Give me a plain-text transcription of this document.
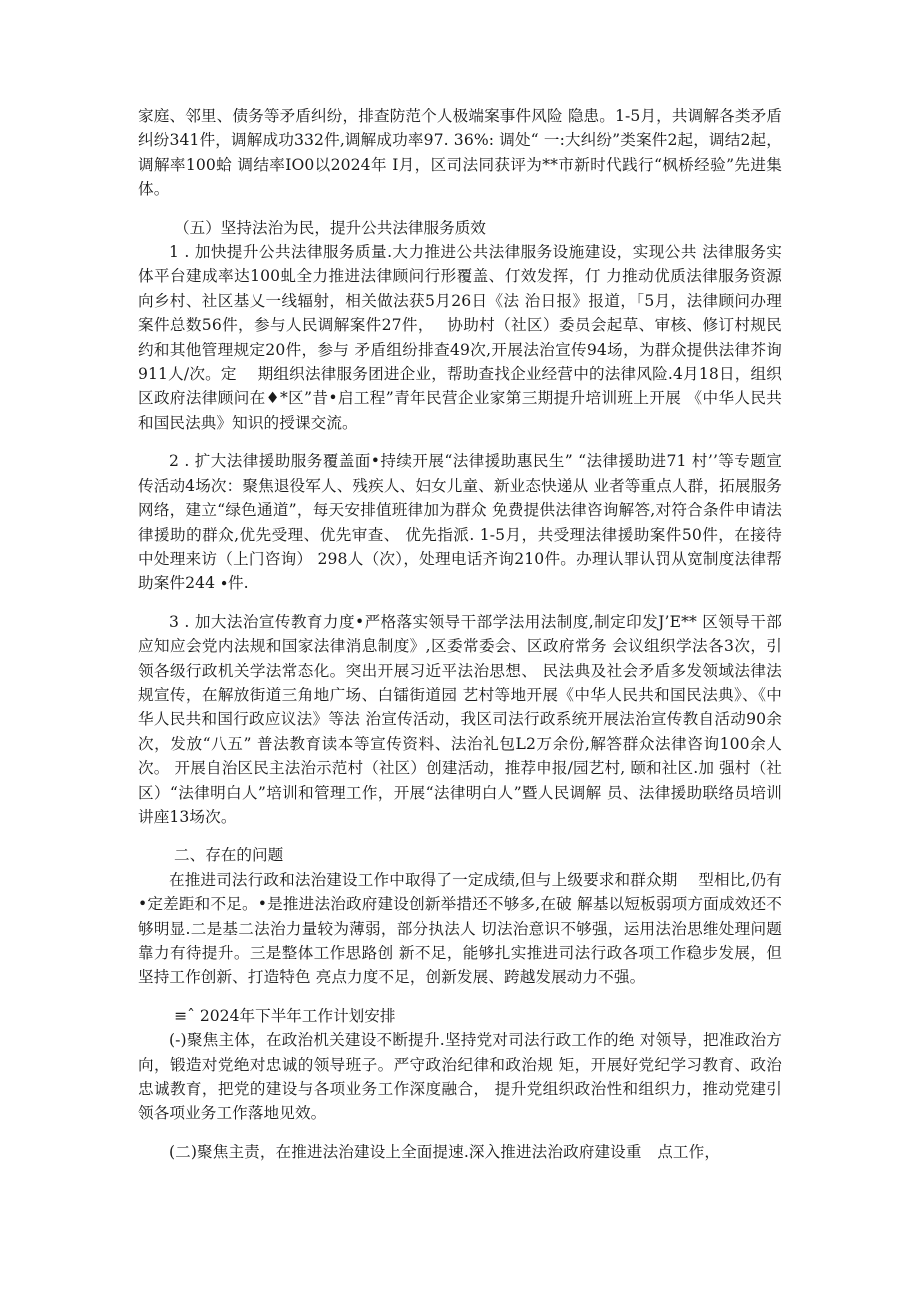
家庭、邻里、债务等矛盾纠纷，排查防范个人极端案事件风险 隐患。1-5月，共调解各类矛盾纠纷341件，调解成功332件,调解成功率97. 36%: 调处“ 一:大纠纷”类案件2起，调结2起，调解率100蛤 调结率IO0以2024年 I月，区司法同获评为**市新时代践行“枫桥经验”先进集体。

（五）坚持法治为民，提升公共法律服务质效

1 . 加快提升公共法律服务质量.大力推进公共法律服务设施建设，实现公共 法律服务实体平台建成率达100虬全力推进法律顾问行形覆盖、仃效发挥，仃 力推动优质法律服务资源向乡村、社区基乂一线辐射，相关做法获5月26日《法 治日报》报道，「5月，法律顾问办理案件总数56件，参与人民调解案件27件，　 协助村（社区）委员会起草、审核、修订村规民约和其他管理规定20件，参与 矛盾组纷排查49次,开展法治宣传94场，为群众提供法律芥询911人/次。定　 期组织法律服务团进企业，帮助查找企业经营中的法律风险.4月18日，组织 区政府法律顾问在♦*区”昔•启工程”青年民营企业家第三期提升培训班上开展 《中华人民共和国民法典》知识的授课交流。

2 . 扩大法律援助服务覆盖面•持续开展“法律援助惠民生” “法律援助进71 村’’等专题宣传活动4场次：聚焦退役军人、残疾人、妇女儿童、新业态快递从 业者等重点人群，拓展服务网络，建立“绿色通道”，每天安排值班律加为群众 免费提供法律咨询解答,对符合条件申请法律援助的群众,优先受理、优先审查、 优先指派. 1-5月，共受理法律援助案件50件，在接待中处理来访（上门咨询） 298人（次），处理电话齐询210件。办理认罪认罚从宽制度法律帮助案件244 ∙件.

3 . 加大法治宣传教育力度•严格落实领导干部学法用法制度,制定印发J’E** 区领导干部应知应会党内法规和国家法律消息制度》,区委常委会、区政府常务 会议组织学法各3次，引领各级行政机关学法常态化。突出开展习近平法治思想、 民法典及社会矛盾多发领域法律法规宣传，在解放街道三角地广场、白镭街道园 艺村等地开展《中华人民共和国民法典》、《中华人民共和国行政应议法》等法 治宣传活动，我区司法行政系统开展法治宣传教自活动90余次，发放“八五” 普法教育读本等宣传资料、法治礼包L2万余份,解答群众法律咨询100余人次。 开展自治区民主法治示范村（社区）创建活动，推荐申报/园艺村, 颐和社区.加 强村（社区）“法律明白人”培训和管理工作，开展“法律明白人”暨人民调解 员、法律援助联络员培训讲座13场次。

二、存在的问题

在推进司法行政和法治建设工作中取得了一定成绩,但与上级要求和群众期　 型相比,仍有•定差距和不足。•是推进法治政府建设创新举措还不够多,在破 解基以短板弱项方面成效还不够明显.二是基二法治力量较为薄弱，部分执法人 切法治意识不够强，运用法治思维处理问题靠力有待提升。三是整体工作思路创 新不足，能够扎实推进司法行政各项工作稳步发展，但坚持工作创新、打造特色 亮点力度不足，创新发展、跨越发展动力不强。

≡ˆ 2024年下半年工作计划安排

(-)聚焦主体，在政治机关建设不断提升.坚持党对司法行政工作的绝 对领导，把准政治方向，锻造对党绝对忠诚的领导班子。严守政治纪律和政治规 矩，开展好党纪学习教育、政治忠诚教育，把党的建设与各项业务工作深度融合， 提升党组织政治性和组织力，推动党建引领各项业务工作落地见效。

(二)聚焦主责，在推进法治建设上全面提速.深入推进法治政府建设重　点工作，
